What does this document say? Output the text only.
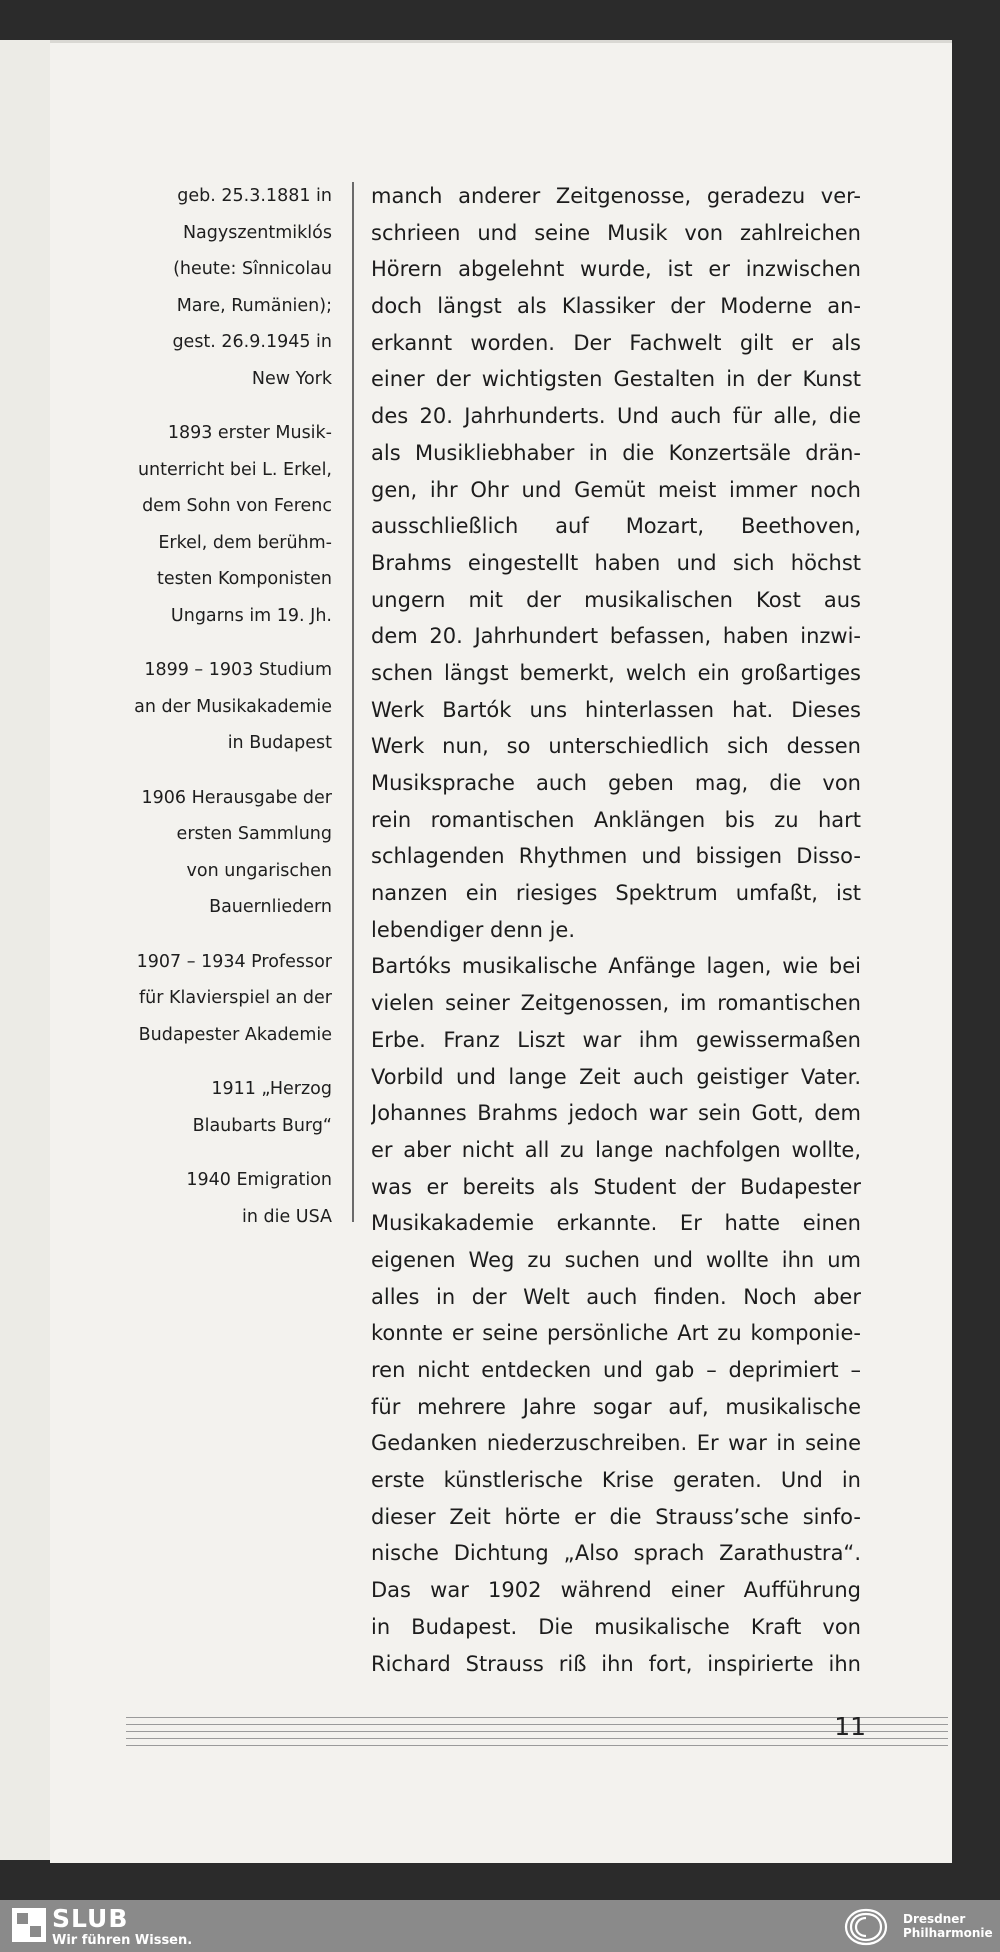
geb. 25.3.1881 in
Nagyszentmiklós
(heute: Sînnicolau
Mare, Rumänien);
gest. 26.9.1945 in
New York
1893 erster Musik-
unterricht bei L. Erkel,
dem Sohn von Ferenc
Erkel, dem berühm-
testen Komponisten
Ungarns im 19. Jh.
1899 – 1903 Studium
an der Musikakademie
in Budapest
1906 Herausgabe der
ersten Sammlung
von ungarischen
Bauernliedern
1907 – 1934 Professor
für Klavierspiel an der
Budapester Akademie
1911 „Herzog
Blaubarts Burg“
1940 Emigration
in die USA
manch anderer Zeitgenosse, geradezu ver-
schrieen und seine Musik von zahlreichen
Hörern abgelehnt wurde, ist er inzwischen
doch längst als Klassiker der Moderne an-
erkannt worden. Der Fachwelt gilt er als
einer der wichtigsten Gestalten in der Kunst
des 20. Jahrhunderts. Und auch für alle, die
als Musikliebhaber in die Konzertsäle drän-
gen, ihr Ohr und Gemüt meist immer noch
ausschließlich auf Mozart, Beethoven,
Brahms eingestellt haben und sich höchst
ungern mit der musikalischen Kost aus
dem 20. Jahrhundert befassen, haben inzwi-
schen längst bemerkt, welch ein großartiges
Werk Bartók uns hinterlassen hat. Dieses
Werk nun, so unterschiedlich sich dessen
Musiksprache auch geben mag, die von
rein romantischen Anklängen bis zu hart
schlagenden Rhythmen und bissigen Disso-
nanzen ein riesiges Spektrum umfaßt, ist
lebendiger denn je.
Bartóks musikalische Anfänge lagen, wie bei
vielen seiner Zeitgenossen, im romantischen
Erbe. Franz Liszt war ihm gewissermaßen
Vorbild und lange Zeit auch geistiger Vater.
Johannes Brahms jedoch war sein Gott, dem
er aber nicht all zu lange nachfolgen wollte,
was er bereits als Student der Budapester
Musikakademie erkannte. Er hatte einen
eigenen Weg zu suchen und wollte ihn um
alles in der Welt auch finden. Noch aber
konnte er seine persönliche Art zu komponie-
ren nicht entdecken und gab – deprimiert –
für mehrere Jahre sogar auf, musikalische
Gedanken niederzuschreiben. Er war in seine
erste künstlerische Krise geraten. Und in
dieser Zeit hörte er die Strauss’sche sinfo-
nische Dichtung „Also sprach Zarathustra“.
Das war 1902 während einer Aufführung
in Budapest. Die musikalische Kraft von
Richard Strauss riß ihn fort, inspirierte ihn
11
SLUB
Wir führen Wissen.
Dresdner
Philharmonie
